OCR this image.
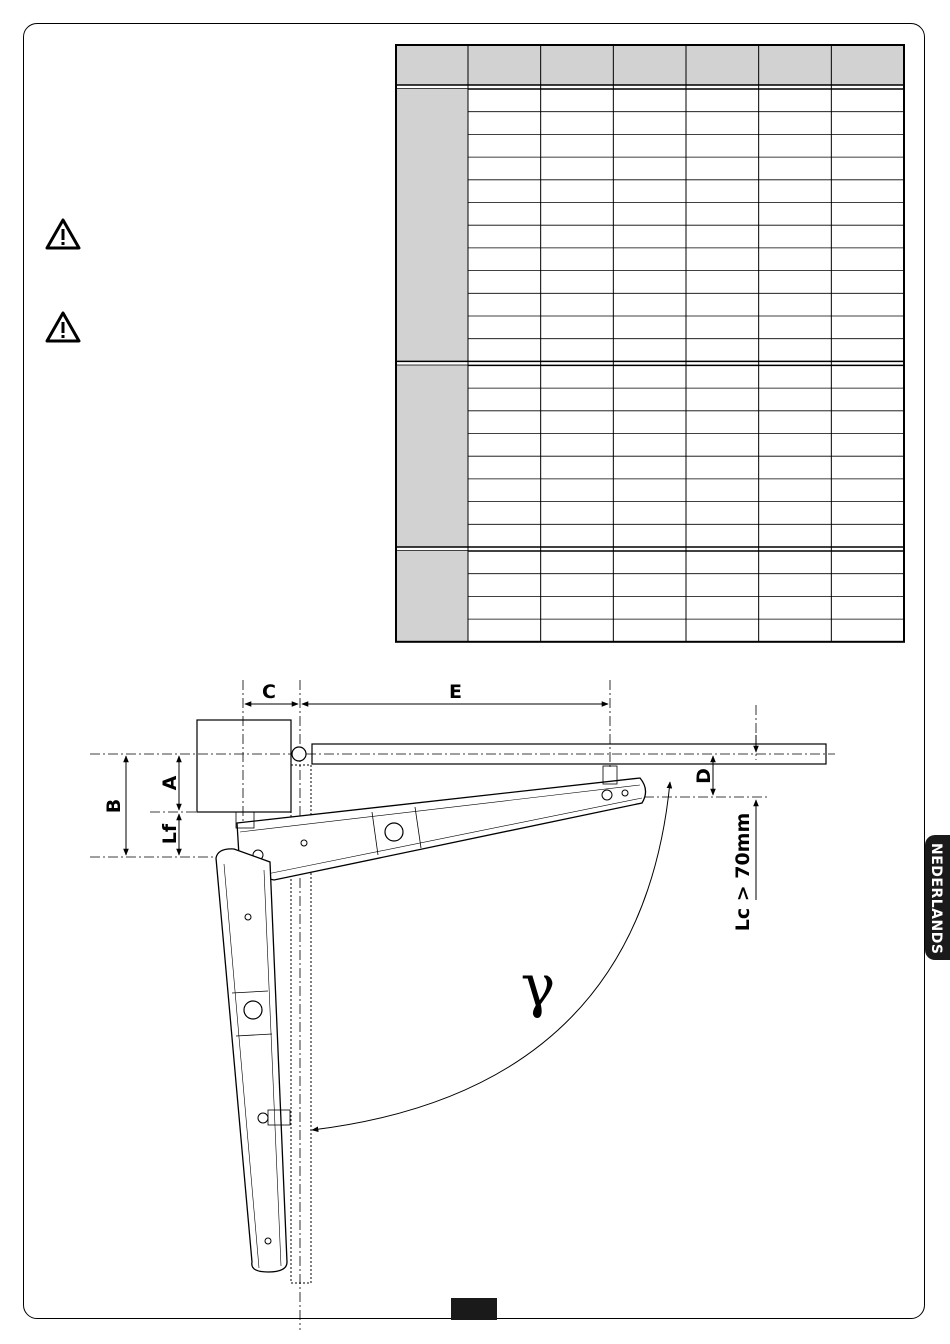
C	E
A
Lf
B
D
Lc > 70mm
γ
NEDERLANDS
